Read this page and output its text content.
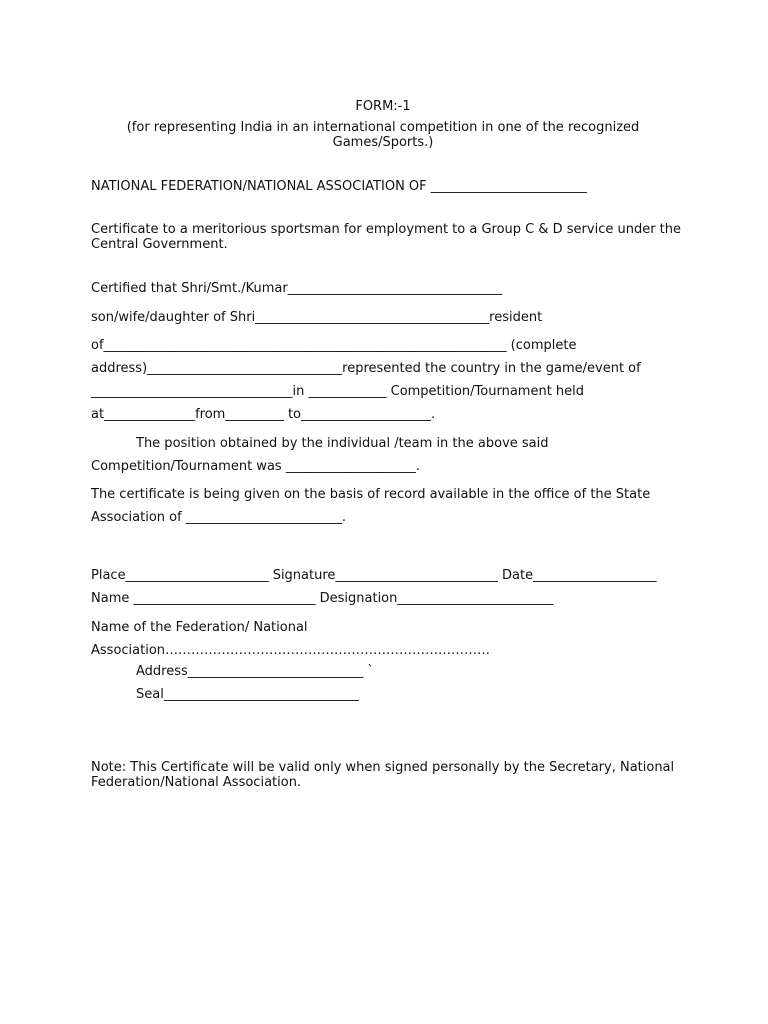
FORM:-1
(for representing India in an international competition in one of the recognized
Games/Sports.)
NATIONAL FEDERATION/NATIONAL ASSOCIATION OF ________________________
Certificate to a meritorious sportsman for employment to a Group C & D service under the
Central Government.
Certified that Shri/Smt./Kumar_________________________________
son/wife/daughter of Shri____________________________________resident
of______________________________________________________________ (complete
address)______________________________represented the country in the game/event of
_______________________________in ____________ Competition/Tournament held
at______________from_________ to____________________.
The position obtained by the individual /team in the above said
Competition/Tournament was ____________________.
The certificate is being given on the basis of record available in the office of the State
Association of ________________________.
Place______________________ Signature_________________________ Date___________________
Name ____________________________ Designation________________________
Name of the Federation/ National
Association…………………………………………………………………
Address___________________________ `
Seal______________________________
Note: This Certificate will be valid only when signed personally by the Secretary, National
Federation/National Association.
